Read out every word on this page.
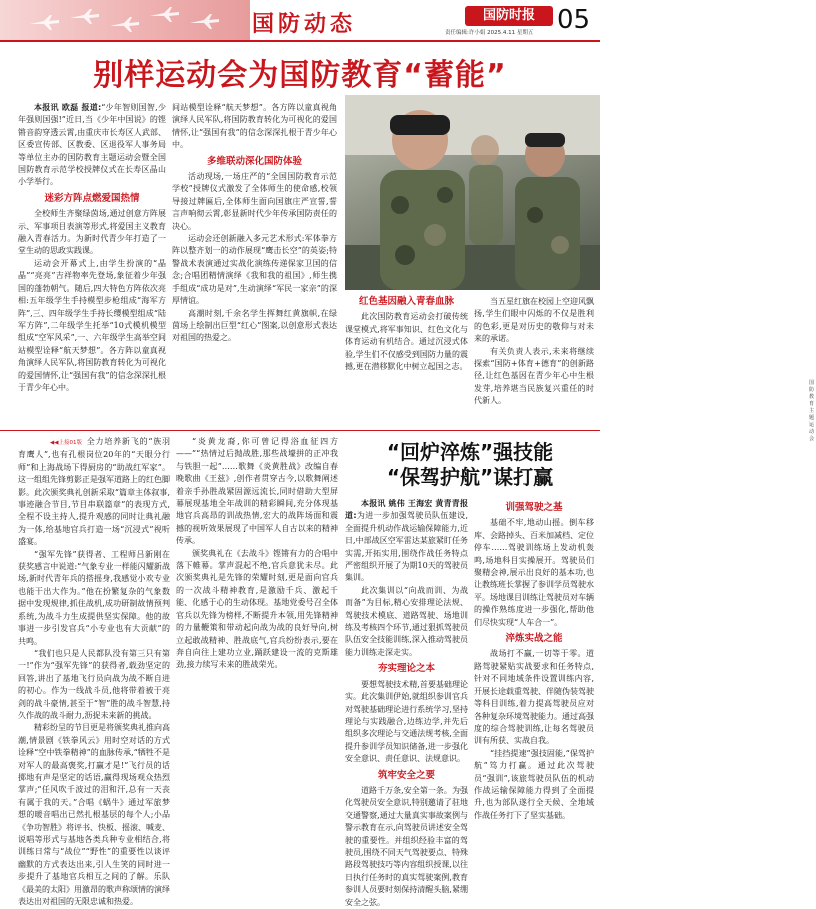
国防动态	国防时报
责任编辑:许小娟 2025.4.11 星期五 05
别样运动会为国防教育“蓄能”

本报讯 欧磊 报道:“少年智则国智,少年强则国强!”近日,当《少年中国说》的铿锵音韵穿透云霄,由重庆市长寿区人武部、区委宣传部、区教委、区退役军人事务局等单位主办的国防教育主题运动会暨全国国防教育示范学校授牌仪式在长寿区晶山小学举行。

迷彩方阵点燃爱国热情

全校师生齐聚绿茵场,通过创意方阵展示、军事项目表演等形式,将爱国主义教育融入青春活力。为新时代青少年打造了一堂生动的思政实践课。

运动会开幕式上,由学生扮演的“晶晶”“亮亮”吉祥物率先登场,象征着少年强国的蓬勃朝气。随后,四大特色方阵依次亮相:五年级学生手持模型步枪组成“海军方阵”,三、四年级学生手持长缨模型组成“陆军方阵”,二年级学生托举“10式模机模型组成“空军风采”,一、六年级学生高举空间站模型诠释“航天梦想”。各方阵以童真视角演绎人民军队,将国防教育转化为可视化的爱国情怀,让“强国有我”的信念深深扎根于青少年心中。

间站模型诠释“航天梦想”。各方阵以童真视角演绎人民军队,将国防教育转化为可视化的爱国情怀,让“强国有我”的信念深深扎根于青少年心中。

多维联动深化国防体验

活动现场,一场庄严的“全国国防教育示范学校”授牌仪式激发了全体师生的使命感,校领导接过牌匾后,全体师生面向国旗庄严宣誓,誓言声响彻云霄,彰显新时代少年传承国防责任的决心。

运动会还创新融入多元艺术形式:军体拳方阵以整齐划一的动作展现“鹰击长空”的英姿;特警战术表演通过实战化演练传递保家卫国的信念;合唱团精情演绎《我和我的祖国》,师生携手组成“成功是对”,生动演绎“军民一家亲”的深厚情谊。

高潮时刻,千余名学生挥舞红黄旗帜,在绿茵场上绘制出巨型“红心”图案,以创意形式表达对祖国的热爱之。

国防教育主题运动会
红色基因融入青春血脉

此次国防教育运动会打破传统课堂模式,将军事知识、红色文化与体育运动有机结合。通过沉浸式体验,学生们不仅感受到国防力量的震撼,更在潜移默化中树立起国之志。

当五星红旗在校园上空迎风飘扬,学生们眼中闪烁的不仅是胜利的色彩,更是对历史的敬仰与对未来的承诺。

有关负责人表示,未来将继续探索“国防+体育+德育”的创新路径,让红色基因在青少年心中生根发芽,培养堪当民族复兴重任的时代新人。

◀◀上接01版 全力培养新飞的“族羽育鹰人”,也有孔根岗位20年的“天眼分行师”和上海战场下得厨房的“助战红军家”。这一组组先锋剪影正是强军道路上的红色脚影。此次颁奖典礼创新采取“篇章主体叙事,事迹融合节目,节目串联篇章”的表现方式,全程不设主持人,提升观感的同时让典礼融为一体,给基地官兵打造一场“沉浸式”视听盛宴。

“强军先锋”获得者、工程师吕新刚在获奖感言中说道:“气象专业一样能闪耀新战场,新时代青年兵的搭摇身,我感觉小欢专业也能干出大作为。”他在扮繁复杂的气象数据中发现规律,抓住战机,成功研制故情预判系统,为战斗力生成提供坚实保障。他的故事进一步引发官兵“小专业也有大贡献”的共鸣。

“我们也只是人民都队没有第三只有第一!”作为“强军先锋”的获得者,载劲坚定的回答,讲出了基地飞行员向战为战不断自进的初心。作为一线战斗员,他将带着被于亮剑的战斗豪情,甚至于“智”胜的战斗智慧,持久作战的战斗耐力,沥捉未来新的挑战。

精彩纷呈的节目更是将颁奖典礼推向高潮,情景剧《铁拳风云》用时空对话的方式诠释“空中铁拳精神”的血脉传承,“牺牲不是对军人的最高褒奖,打赢才是!”飞行员的话掷地有声是坚定的话语,赢得现场观众热烈掌声;“任风吹千波过的泪和汗,总有一天丧有属于我的天。”合唱《蜗牛》通过军旅梦想的暖音唱出已然扎根基层的每个人;小品《争功智胜》将评书、快板、摇滚、喊麦、说唱等形式与基地各类兵种专业相结合,将训练日常与“战位”“野性”的重要性以谈评幽默的方式表达出来,引人生笑的同时进一步提升了基地官兵相互之间的了解。乐队《最美的太阳》用激昂的歌声称颂情的演绎表达出对祖国的无限忠诚和热爱。

“炎黄龙裔,你可曾记得浴血征四方——”“热情过后抛战胜,那些战壕拼的正冲我与铁胆一起”……歌舞《炎黄胜战》改编自春晚歌曲《王兹》,创作者贯穿古今,以歌舞阐述着亲手孙胜战紧固源远流长,同时借助大型屏幕展现基地全年战训的精彩瞬间,充分体现基地官兵高昂的训战热情,宏大的战阵场面和震撼的视听效果展现了中国军人自古以来的精神传承。

颁奖典礼在《去战斗》铿锵有力的合唱中落下帷幕。掌声混起不绝,官兵意犹未尽。此次颁奖典礼是先锋的荣耀时刻,更是面向官兵的一次战斗精神教育,是激励千兵、激起千能、化感于心的生动体现。基地党委号召全体官兵以先锋为榜样,不断提升本领,用先锋精神的力量鞭策和带动起向战为战的良好导向,树立起敢战精神、胜战底气,官兵纷纷表示,要在奔自向往上建功立业,踊跃建设一流的克斯雄劲,接力续写未来的胜战荣光。

“回炉淬炼”强技能
“保驾护航”谋打赢

本报讯 姚伟 王海宏 黄青青报道:为进一步加强驾驶员队伍建设,全面提升机动作战运输保障能力,近日,中部战区空军雷达某旅紧盯任务实需,开拓实用,围绕作战任务特点严密组织开展了为期10天的驾驶员集训。

此次集训以“向战而训、为战而备”为目标,精心安排理论法规、驾驶技术模底、道路驾驶、场地训练及考核四个环节,通过狠抓驾驶员队伍安全技能训练,深入推动驾驶员能力训练走深走实。

夯实理论之本

要想驾驶技术精,首要基础理论实。此次集训伊始,就组织参训官兵对驾驶基础理论进行系统学习,坚持理论与实践融合,边练边学,并先后组织多次理论与交通法规考核,全面提升参训学员知识储备,进一步强化安全意识、责任意识、法规意识。

筑牢安全之要

道路千万条,安全第一条。为强化驾驶员安全意识,特别邀请了驻地交通警察,通过大量真实事故案例与警示教育在示,向驾驶员讲述安全驾驶的重要性。并组织经验丰富的驾驶员,围绕不同天气驾驶要点、特殊路段驾驶技巧等内容组织授课,以往日执行任务时的真实驾驶案例,教育参训人员要时刻保持清醒头脑,紧绷安全之弦。

训强驾驶之基

基础不牢,地动山摇。倒车移库、会路掉头、百米加减档、定位停车……驾驶训练场上发动机轰鸣,场地科目实操展开。驾驶员们聚精会神,展示出良好的基本功,也让教练班长掌握了参训学员驾驶水平。场地课目训练让驾驶员对车辆的操作熟练度进一步强化,帮助他们尽快实现“人车合一”。

淬炼实战之能

战场打不赢,一切等于零。道路驾驶紧贴实战要求和任务特点,针对不同地域条件设置训练内容,开展长途载重驾驶、伴随伪装驾驶等科目训练,着力提高驾驶员应对各种复杂环境驾驶能力。通过高强度的综合驾驶训练,让每名驾驶员训有所获、实战自我。

“挂挡提速”强技固能,“保驾护航”笃力打赢。通过此次驾驶员“强训”,该旅驾驶员队伍的机动作战运输保障能力得到了全面提升,也为部队遂行全天候、全地域作战任务打下了坚实基础。
